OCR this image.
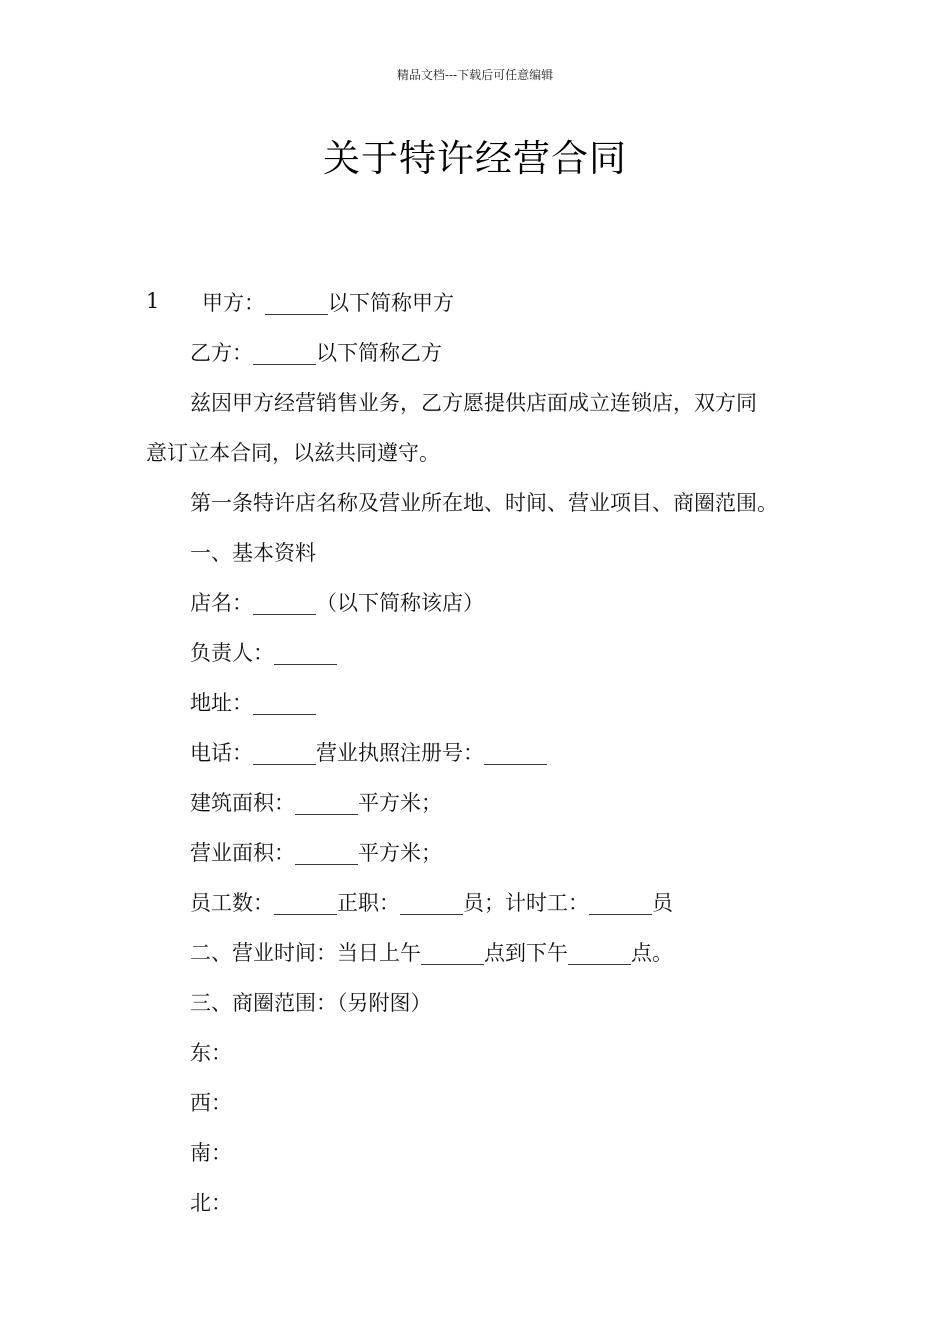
精品文档---下载后可任意编辑
关于特许经营合同
1 甲方：______以下简称甲方
乙方：______以下简称乙方
兹因甲方经营销售业务，乙方愿提供店面成立连锁店，双方同
意订立本合同，以兹共同遵守。
第一条特许店名称及营业所在地、时间、营业项目、商圈范围。
一、基本资料
店名：______（以下简称该店）
负责人：______
地址：______
电话：______营业执照注册号：______
建筑面积：______平方米；
营业面积：______平方米；
员工数：______正职：______员；计时工：______员
二、营业时间：当日上午______点到下午______点。
三、商圈范围：（另附图）
东：
西：
南：
北：
